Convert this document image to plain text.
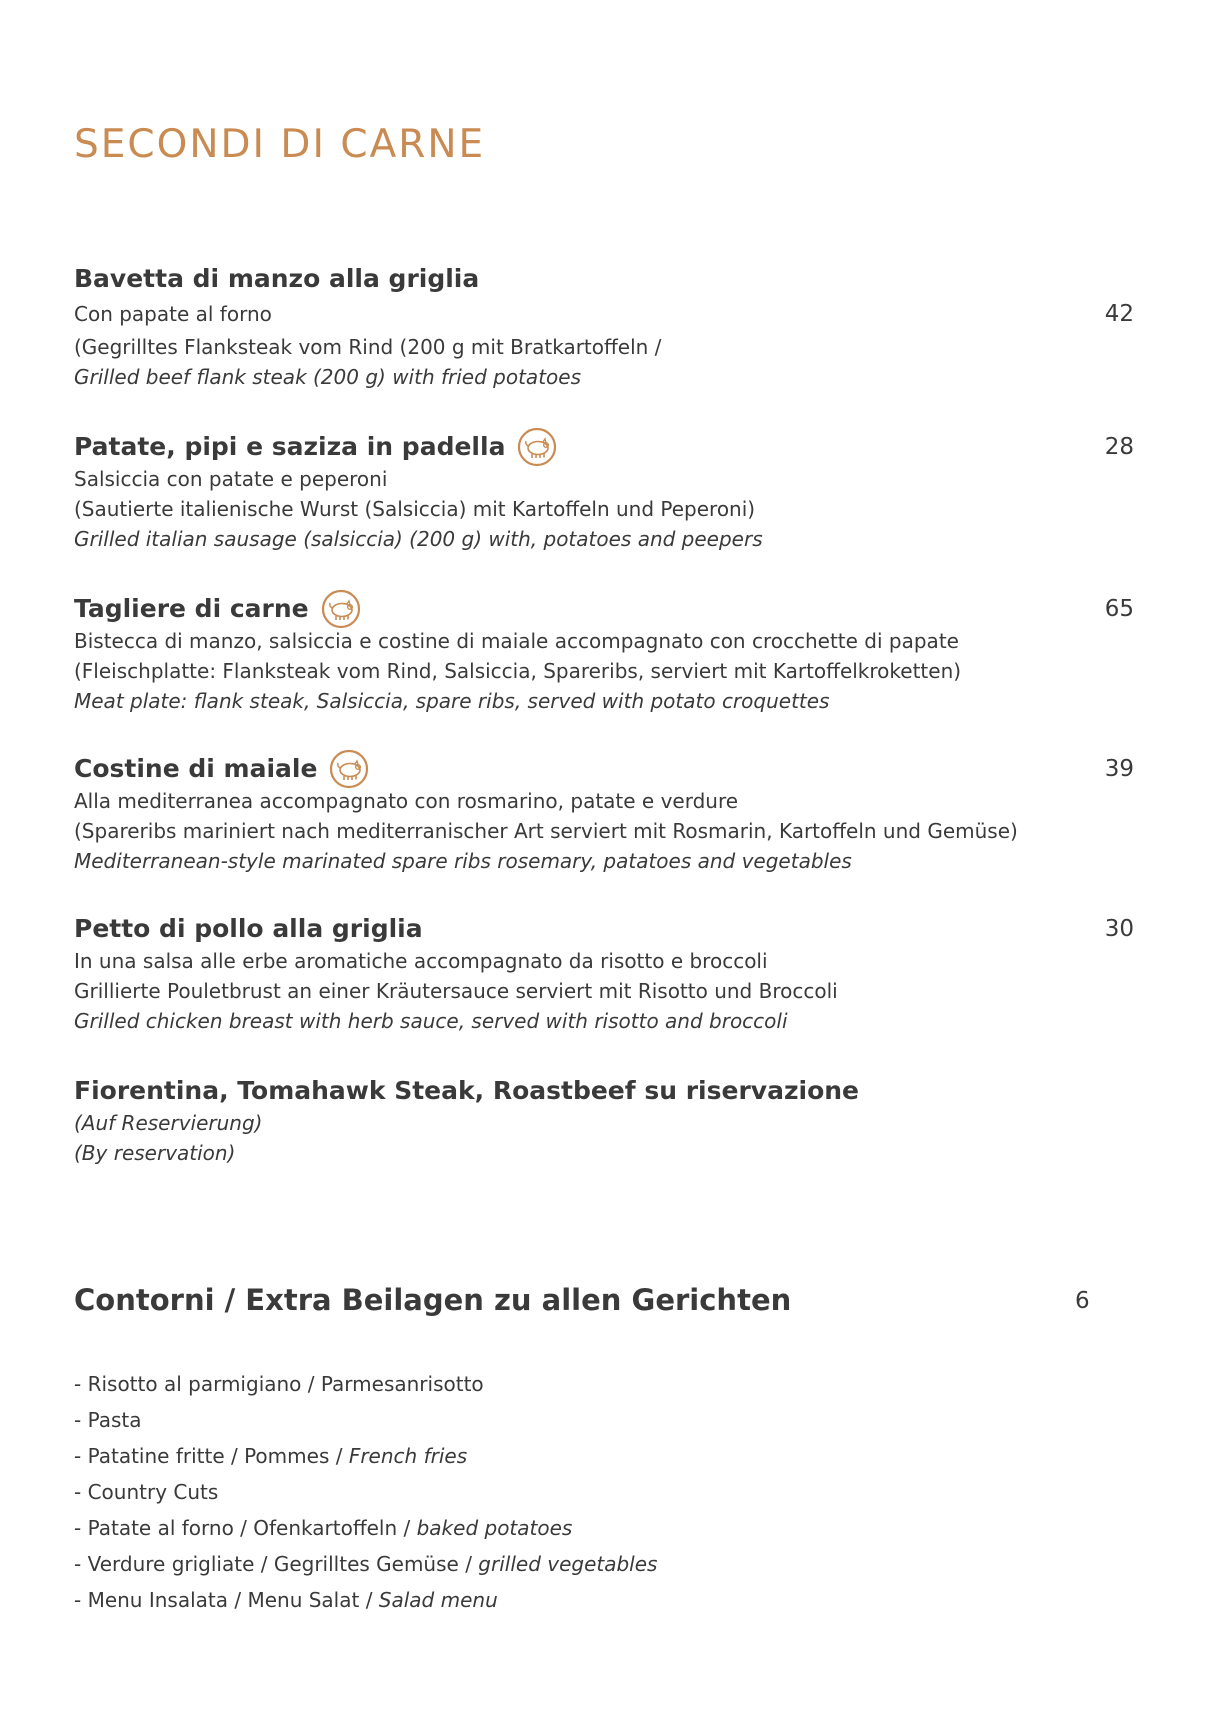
SECONDI DI CARNE
Bavetta di manzo alla griglia
42
Con papate al forno
(Gegrilltes Flanksteak vom Rind (200 g mit Bratkartoffeln /
Grilled beef flank steak (200 g) with fried potatoes
Patate, pipi e saziza in padella	28
Salsiccia con patate e peperoni
(Sautierte italienische Wurst (Salsiccia) mit Kartoffeln und Peperoni)
Grilled italian sausage (salsiccia) (200 g) with, potatoes and peepers
Tagliere di carne	65
Bistecca di manzo, salsiccia e costine di maiale accompagnato con crocchette di papate
(Fleischplatte: Flanksteak vom Rind, Salsiccia, Spareribs, serviert mit Kartoffelkroketten)
Meat plate: flank steak, Salsiccia, spare ribs, served with potato croquettes
Costine di maiale	39
Alla mediterranea accompagnato con rosmarino, patate e verdure
(Spareribs mariniert nach mediterranischer Art serviert mit Rosmarin, Kartoffeln und Gemüse)
Mediterranean-style marinated spare ribs rosemary, patatoes and vegetables
Petto di pollo alla griglia	30
In una salsa alle erbe aromatiche accompagnato da risotto e broccoli
Grillierte Pouletbrust an einer Kräutersauce serviert mit Risotto und Broccoli
Grilled chicken breast with herb sauce, served with risotto and broccoli
Fiorentina, Tomahawk Steak, Roastbeef su riservazione
(Auf Reservierung)
(By reservation)
Contorni / Extra Beilagen zu allen Gerichten	6
- Risotto al parmigiano / Parmesanrisotto
- Pasta
- Patatine fritte / Pommes / French fries
- Country Cuts
- Patate al forno / Ofenkartoffeln / baked potatoes
- Verdure grigliate / Gegrilltes Gemüse / grilled vegetables
- Menu Insalata / Menu Salat / Salad menu
